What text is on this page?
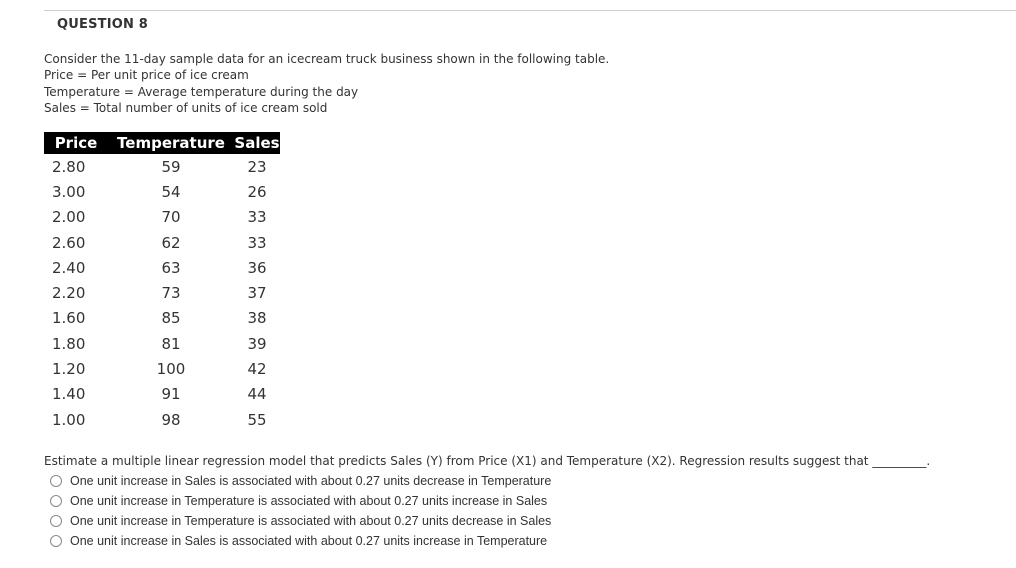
QUESTION 8
Consider the 11-day sample data for an icecream truck business shown in the following table.
Price = Per unit price of ice cream
Temperature = Average temperature during the day
Sales = Total number of units of ice cream sold
Price	Temperature	Sales
2.80	59	23
3.00	54	26
2.00	70	33
2.60	62	33
2.40	63	36
2.20	73	37
1.60	85	38
1.80	81	39
1.20	100	42
1.40	91	44
1.00	98	55
Estimate a multiple linear regression model that predicts Sales (Y) from Price (X1) and Temperature (X2). Regression results suggest that _________.
One unit increase in Sales is associated with about 0.27 units decrease in Temperature
One unit increase in Temperature is associated with about 0.27 units increase in Sales
One unit increase in Temperature is associated with about 0.27 units decrease in Sales
One unit increase in Sales is associated with about 0.27 units increase in Temperature
